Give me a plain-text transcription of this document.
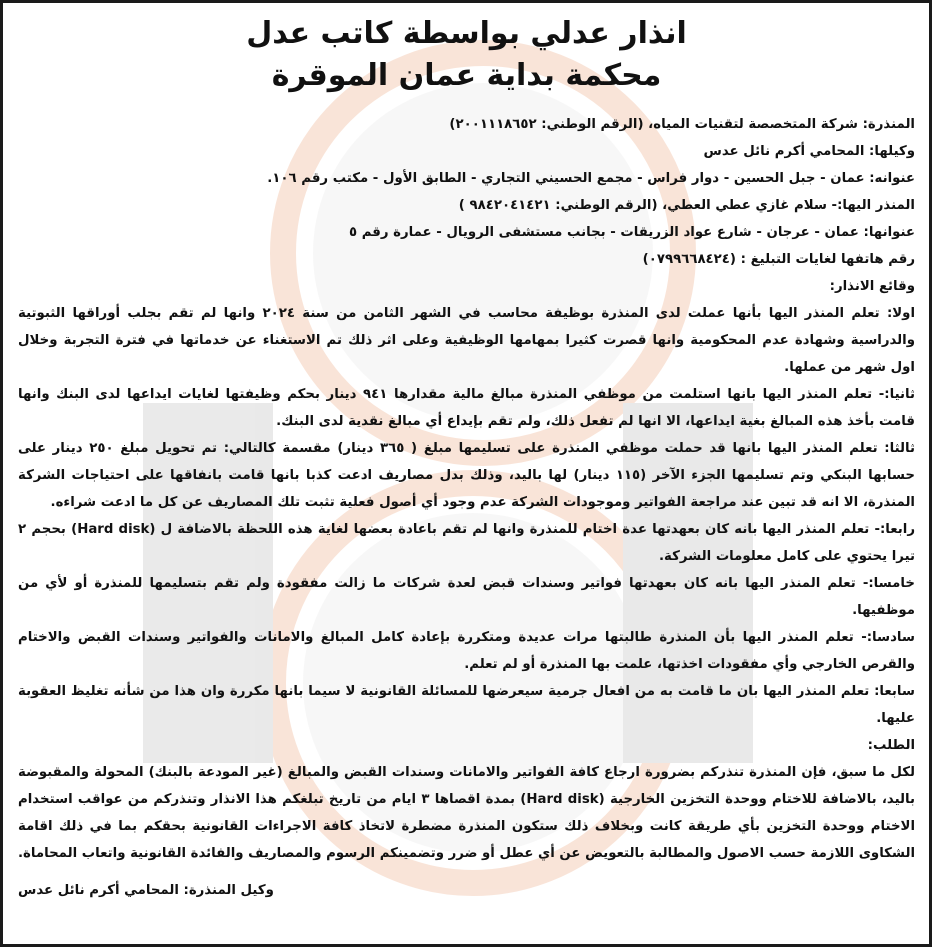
انذار عدلي بواسطة كاتب عدل

محكمة بداية عمان الموقرة

المنذرة: شركة المتخصصة لتقنيات المياه، (الرقم الوطني: ٢٠٠١١١٨٦٥٢)

وكيلها: المحامي أكرم نائل عدس

عنوانه: عمان - جبل الحسين - دوار فراس - مجمع الحسيني التجاري - الطابق الأول - مكتب رقم ١٠٦.

المنذر اليها:- سلام غازي عطي العطي، (الرقم الوطني: ٩٨٤٢٠٤١٤٢١ )

عنوانها: عمان - عرجان - شارع عواد الزريقات - بجانب مستشفى الرويال - عمارة رقم ٥

رقم هاتفها لغايات التبليغ : (٠٧٩٩٦٦٨٤٢٤)

وقائع الانذار:

اولا: تعلم المنذر اليها بأنها عملت لدى المنذرة بوظيفة محاسب في الشهر الثامن من سنة ٢٠٢٤ وانها لم تقم بجلب أوراقها الثبوتية والدراسية وشهادة عدم المحكومية وانها قصرت كثيرا بمهامها الوظيفية وعلى اثر ذلك تم الاستغناء عن خدماتها في فترة التجربة وخلال اول شهر من عملها.

ثانيا:- تعلم المنذر اليها بانها استلمت من موظفي المنذرة مبالغ مالية مقدارها ٩٤١ دينار بحكم وظيفتها لغايات ايداعها لدى البنك وانها قامت بأخذ هذه المبالغ بغية ايداعها، الا انها لم تفعل ذلك، ولم تقم بإيداع أي مبالغ نقدية لدى البنك.

ثالثا: تعلم المنذر اليها بانها قد حملت موظفي المنذرة على تسليمها مبلغ ( ٣٦٥ دينار) مقسمة كالتالي: تم تحويل مبلغ ٢٥٠ دينار على حسابها البنكي وتم تسليمها الجزء الآخر (١١٥ دينار) لها باليد، وذلك بدل مصاريف ادعت كذبا بانها قامت بانفاقها على احتياجات الشركة المنذرة، الا انه قد تبين عند مراجعة الفواتير وموجودات الشركة عدم وجود أي أصول فعلية تثبت تلك المصاريف عن كل ما ادعت شراءه.

رابعا:- تعلم المنذر اليها بانه كان بعهدتها عدة اختام للمنذرة وانها لم تقم باعادة بعضها لغاية هذه اللحظة بالاضافة ل (Hard disk) بحجم ٢ تيرا يحتوي على كامل معلومات الشركة.

خامسا:- تعلم المنذر اليها بانه كان بعهدتها فواتير وسندات قبض لعدة شركات ما زالت مفقودة ولم تقم بتسليمها للمنذرة أو لأي من موظفيها.

سادسا:- تعلم المنذر اليها بأن المنذرة طالبتها مرات عديدة ومتكررة بإعادة كامل المبالغ والامانات والفواتير وسندات القبض والاختام والقرص الخارجي وأي مفقودات اخذتها، علمت بها المنذرة أو لم تعلم.

سابعا: تعلم المنذر اليها بان ما قامت به من افعال جرمية سيعرضها للمسائلة القانونية لا سيما بانها مكررة وان هذا من شأنه تغليظ العقوبة عليها.

الطلب:

لكل ما سبق، فإن المنذرة تنذركم بضرورة ارجاع كافة الفواتير والامانات وسندات القبض والمبالغ (غير المودعة بالبنك) المحولة والمقبوضة باليد، بالاضافة للاختام ووحدة التخزين الخارجية (Hard disk) بمدة اقصاها ٣ ايام من تاريخ تبلغكم هذا الانذار وتنذركم من عواقب استخدام الاختام ووحدة التخزين بأي طريقة كانت وبخلاف ذلك ستكون المنذرة مضطرة لاتخاذ كافة الاجراءات القانونية بحقكم بما في ذلك اقامة الشكاوى اللازمة حسب الاصول والمطالبة بالتعويض عن أي عطل أو ضرر وتضمينكم الرسوم والمصاريف والفائدة القانونية واتعاب المحاماة.

وكيل المنذرة: المحامي أكرم نائل عدس
